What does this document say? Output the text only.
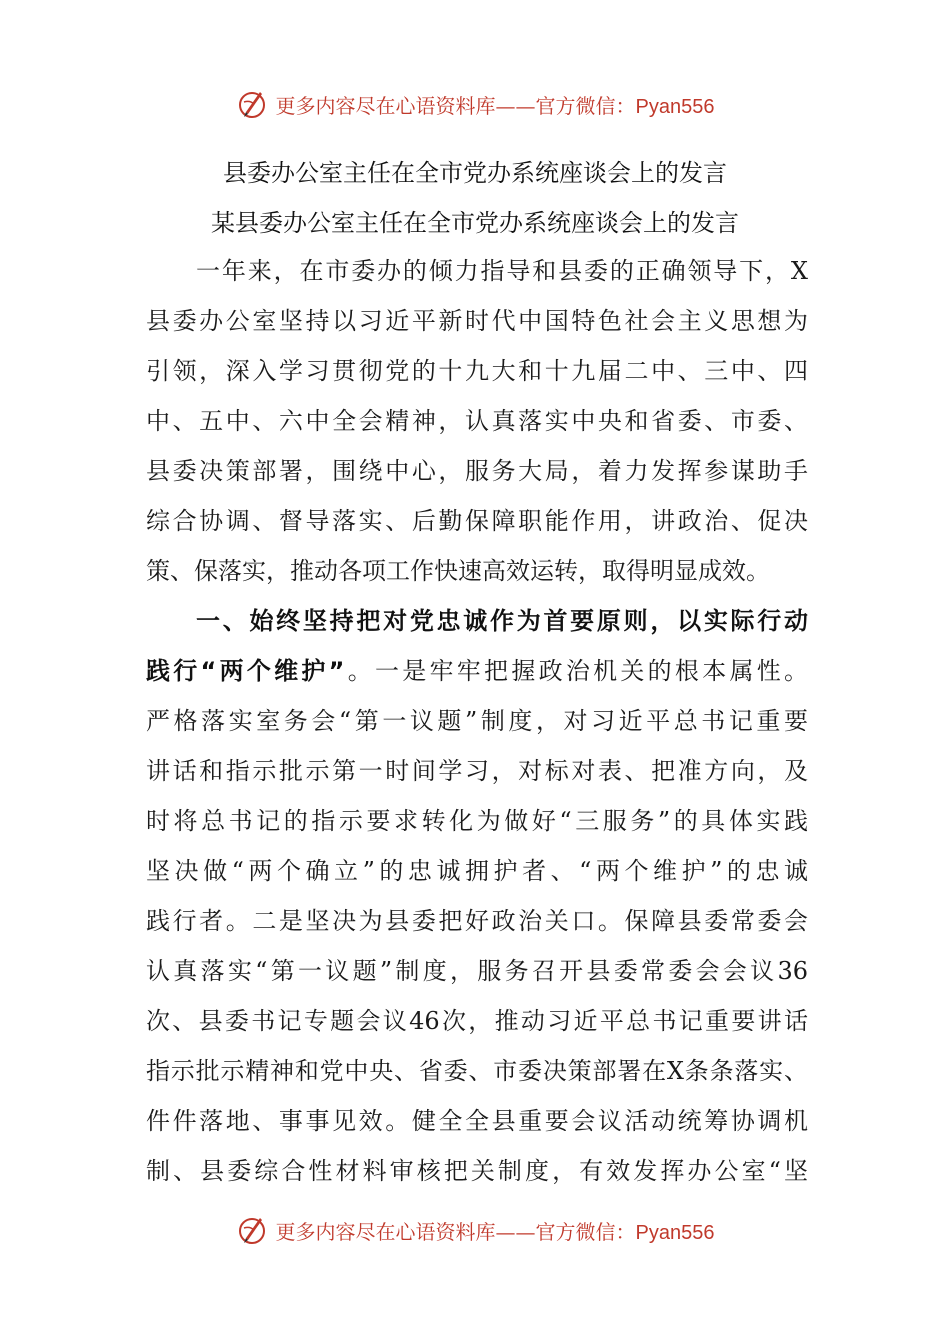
更多内容尽在心语资料库——官方微信：Pyan556
县委办公室主任在全市党办系统座谈会上的发言
某县委办公室主任在全市党办系统座谈会上的发言
一年来，在市委办的倾力指导和县委的正确领导下，X
县委办公室坚持以习近平新时代中国特色社会主义思想为
引领，深入学习贯彻党的十九大和十九届二中、三中、四
中、五中、六中全会精神，认真落实中央和省委、市委、
县委决策部署，围绕中心，服务大局，着力发挥参谋助手
综合协调、督导落实、后勤保障职能作用，讲政治、促决
策、保落实，推动各项工作快速高效运转，取得明显成效。
一、始终坚持把对党忠诚作为首要原则，以实际行动
践行“两个维护”。一是牢牢把握政治机关的根本属性。
严格落实室务会“第一议题”制度，对习近平总书记重要
讲话和指示批示第一时间学习，对标对表、把准方向，及
时将总书记的指示要求转化为做好“三服务”的具体实践
坚决做“两个确立”的忠诚拥护者、“两个维护”的忠诚
践行者。二是坚决为县委把好政治关口。保障县委常委会
认真落实“第一议题”制度，服务召开县委常委会会议36
次、县委书记专题会议46次，推动习近平总书记重要讲话
指示批示精神和党中央、省委、市委决策部署在X条条落实、
件件落地、事事见效。健全全县重要会议活动统筹协调机
制、县委综合性材料审核把关制度，有效发挥办公室“坚
更多内容尽在心语资料库——官方微信：Pyan556
